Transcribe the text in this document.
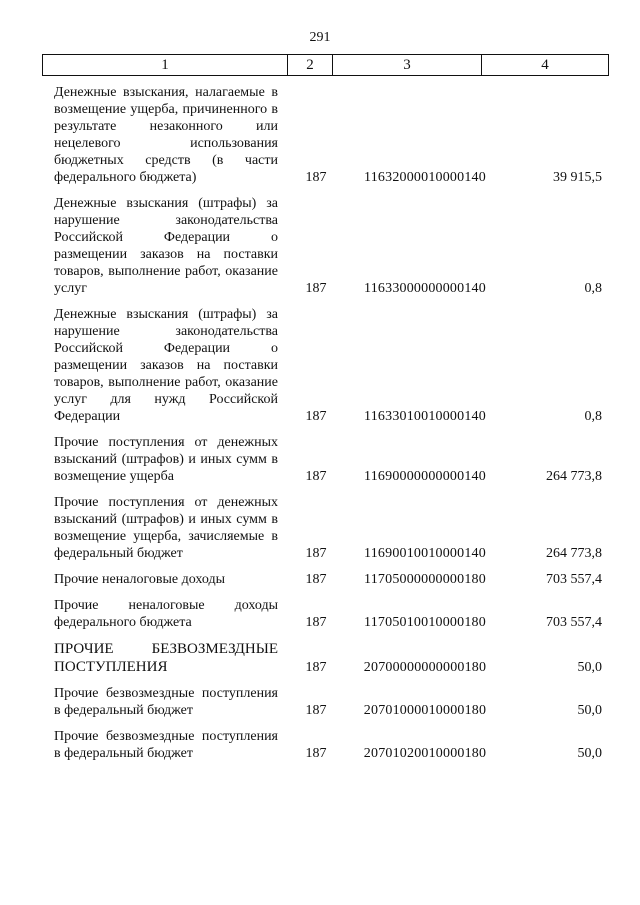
291
1	2	3	4
Денежные взыскания, налагаемые в возмещение ущерба, причиненного в результате незаконного или нецелевого использования бюджетных средств (в части федерального бюджета)	187	11632000010000140	39 915,5
Денежные взыскания (штрафы) за нарушение законодательства Российской Федерации о размещении заказов на поставки товаров, выполнение работ, оказание услуг	187	11633000000000140	0,8
Денежные взыскания (штрафы) за нарушение законодательства Российской Федерации о размещении заказов на поставки товаров, выполнение работ, оказание услуг для нужд Российской Федерации	187	11633010010000140	0,8
Прочие поступления от денежных взысканий (штрафов) и иных сумм в возмещение ущерба	187	11690000000000140	264 773,8
Прочие поступления от денежных взысканий (штрафов) и иных сумм в возмещение ущерба, зачисляемые в федеральный бюджет	187	11690010010000140	264 773,8
Прочие неналоговые доходы	187	11705000000000180	703 557,4
Прочие неналоговые доходы федерального бюджета	187	11705010010000180	703 557,4
ПРОЧИЕ БЕЗВОЗМЕЗДНЫЕ ПОСТУПЛЕНИЯ	187	20700000000000180	50,0
Прочие безвозмездные поступления в федеральный бюджет	187	20701000010000180	50,0
Прочие безвозмездные поступления в федеральный бюджет	187	20701020010000180	50,0
